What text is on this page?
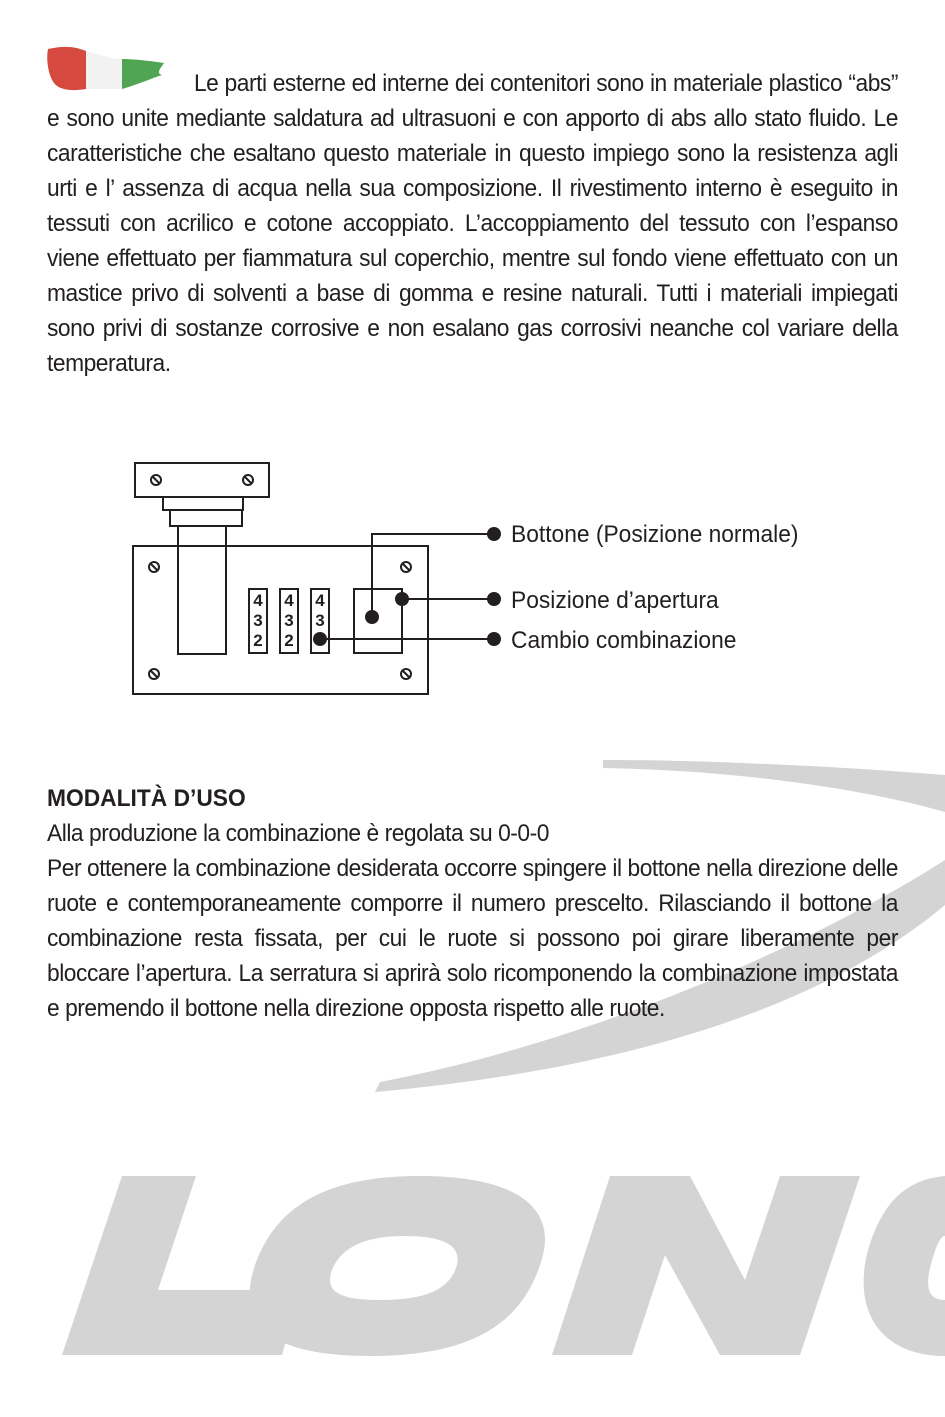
Le parti esterne ed interne dei contenitori sono in materiale plastico “abs” e sono unite mediante saldatura ad ultrasuoni e con apporto di abs allo stato fluido. Le caratteristiche che esaltano questo materiale in questo impiego sono la resistenza agli urti e l’ assenza di acqua nella sua composizione. Il rivestimento interno è eseguito in tessuti con acrilico e cotone accoppiato. L’accoppiamento del tessuto con l’espanso viene effettuato per fiammatura sul coperchio, mentre sul fondo viene effettuato con un mastice privo di solventi a base di gomma e resine naturali. Tutti i materiali impiegati sono privi di sostanze corrosive e non esalano gas corrosivi neanche col variare della temperatura.

4
3
2
4
3
2
4
3
Bottone (Posizione normale)
Posizione d’apertura
Cambio combinazione
MODALITÀ D’USO
Alla produzione la combinazione è regolata su 0-0-0
Per ottenere la combinazione desiderata occorre spingere il bottone nella direzione delle ruote e contemporaneamente comporre il numero prescelto. Rilasciando il bottone la combinazione resta fissata, per cui le ruote si possono poi girare liberamente per bloccare l’apertura. La serratura si aprirà solo ricomponendo la combinazione impostata e premendo il bottone nella direzione opposta rispetto alle ruote.
